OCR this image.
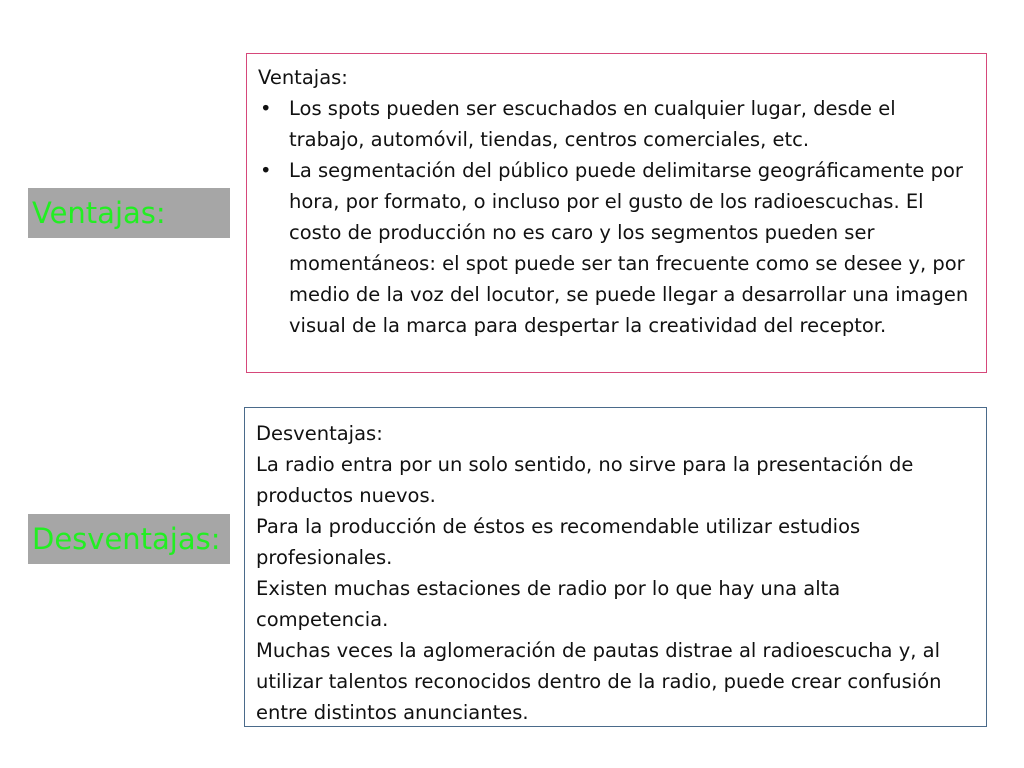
Ventajas:
Desventajas:
Ventajas:
• Los spots pueden ser escuchados en cualquier lugar, desde el trabajo, automóvil, tiendas, centros comerciales, etc.
• La segmentación del público puede delimitarse geográficamente por hora, por formato, o incluso por el gusto de los radioescuchas. El costo de producción no es caro y los segmentos pueden ser momentáneos: el spot puede ser tan frecuente como se desee y, por medio de la voz del locutor, se puede llegar a desarrollar una imagen visual de la marca para despertar la creatividad del receptor.
Desventajas:
La radio entra por un solo sentido, no sirve para la presentación de productos nuevos.
Para la producción de éstos es recomendable utilizar estudios profesionales.
Existen muchas estaciones de radio por lo que hay una alta competencia.
Muchas veces la aglomeración de pautas distrae al radioescucha y, al utilizar talentos reconocidos dentro de la radio, puede crear confusión entre distintos anunciantes.
